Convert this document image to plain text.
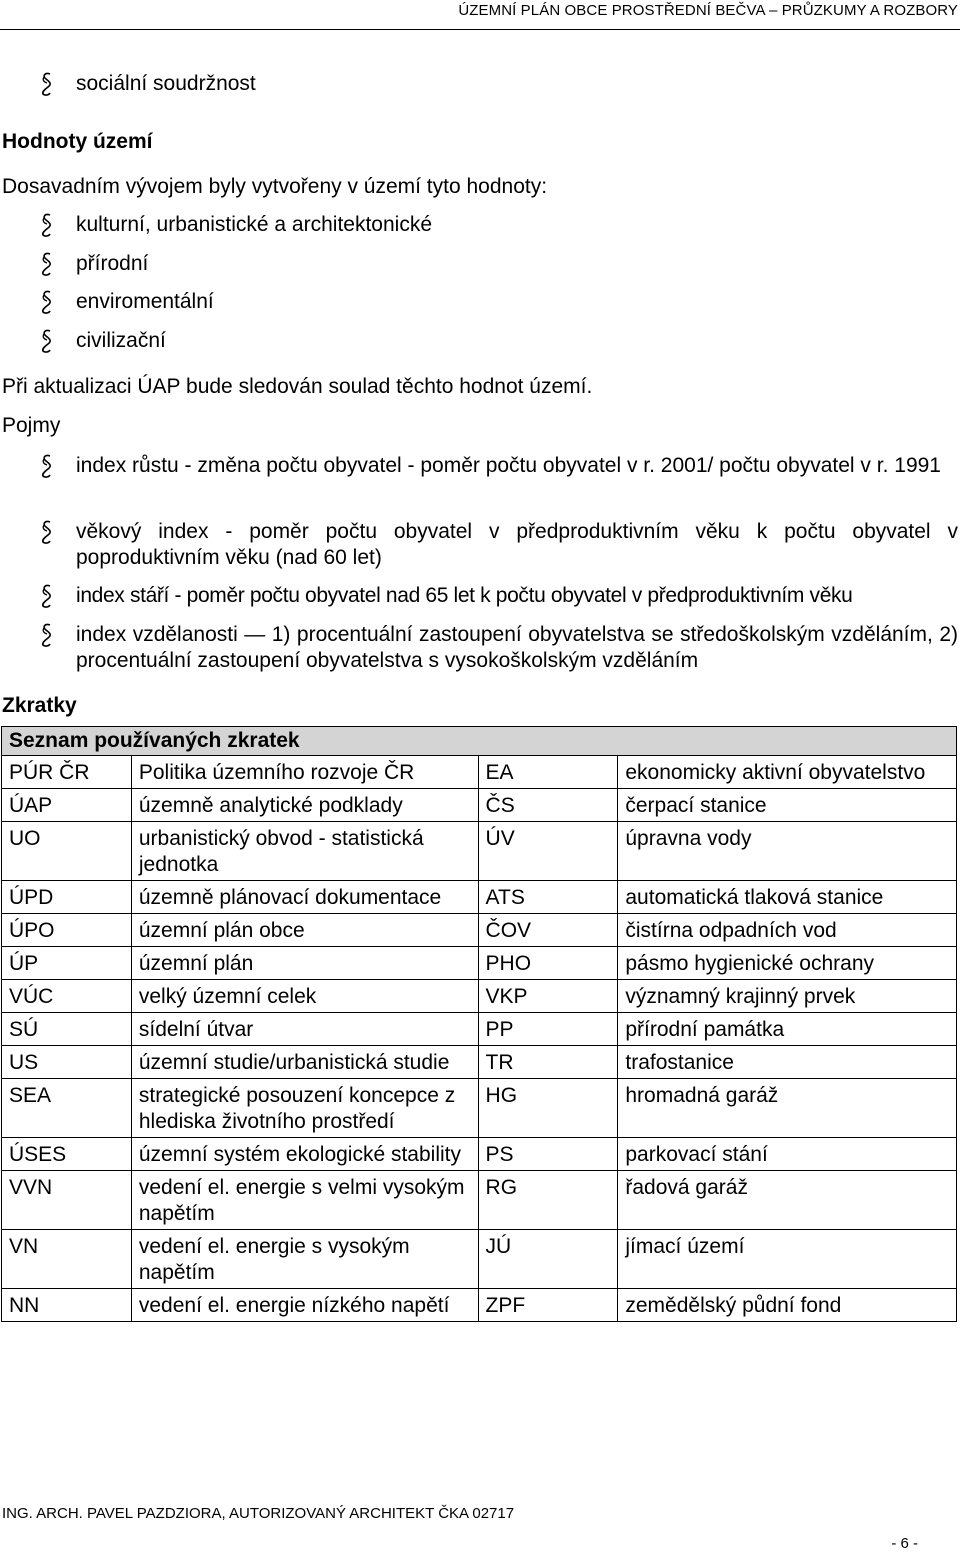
ÚZEMNÍ PLÁN OBCE PROSTŘEDNÍ BEČVA – PRŮZKUMY A ROZBORY
sociální soudržnost
Hodnoty území
Dosavadním vývojem byly vytvořeny v území tyto hodnoty:
kulturní, urbanistické a architektonické
přírodní
enviromentální
civilizační
Při aktualizaci ÚAP bude sledován soulad těchto hodnot území.
Pojmy
index růstu - změna počtu obyvatel - poměr počtu obyvatel v r. 2001/ počtu obyvatel v r. 1991
věkový index - poměr počtu obyvatel v předproduktivním věku k počtu obyvatel v poproduktivním věku (nad 60 let)
index stáří - poměr počtu obyvatel nad 65 let k počtu obyvatel v předproduktivním věku
index vzdělanosti — 1) procentuální zastoupení obyvatelstva se středoškolským vzděláním, 2) procentuální zastoupení obyvatelstva s vysokoškolským vzděláním
Zkratky
Seznam používaných zkratek			
PÚR ČR	Politika územního rozvoje ČR	EA	ekonomicky aktivní obyvatelstvo
ÚAP	územně analytické podklady	ČS	čerpací stanice
UO	urbanistický obvod - statistická jednotka	ÚV	úpravna vody
ÚPD	územně plánovací dokumentace	ATS	automatická tlaková stanice
ÚPO	územní plán obce	ČOV	čistírna odpadních vod
ÚP	územní plán	PHO	pásmo hygienické ochrany
VÚC	velký územní celek	VKP	významný krajinný prvek
SÚ	sídelní útvar	PP	přírodní památka
US	územní studie/urbanistická studie	TR	trafostanice
SEA	strategické posouzení koncepce z hlediska životního prostředí	HG	hromadná garáž
ÚSES	územní systém ekologické stability	PS	parkovací stání
VVN	vedení el. energie s velmi vysokým napětím	RG	řadová garáž
VN	vedení el. energie s vysokým napětím	JÚ	jímací území
NN	vedení el. energie nízkého napětí	ZPF	zemědělský půdní fond
ING. ARCH. PAVEL PAZDZIORA, AUTORIZOVANÝ ARCHITEKT ČKA 02717
- 6 -
